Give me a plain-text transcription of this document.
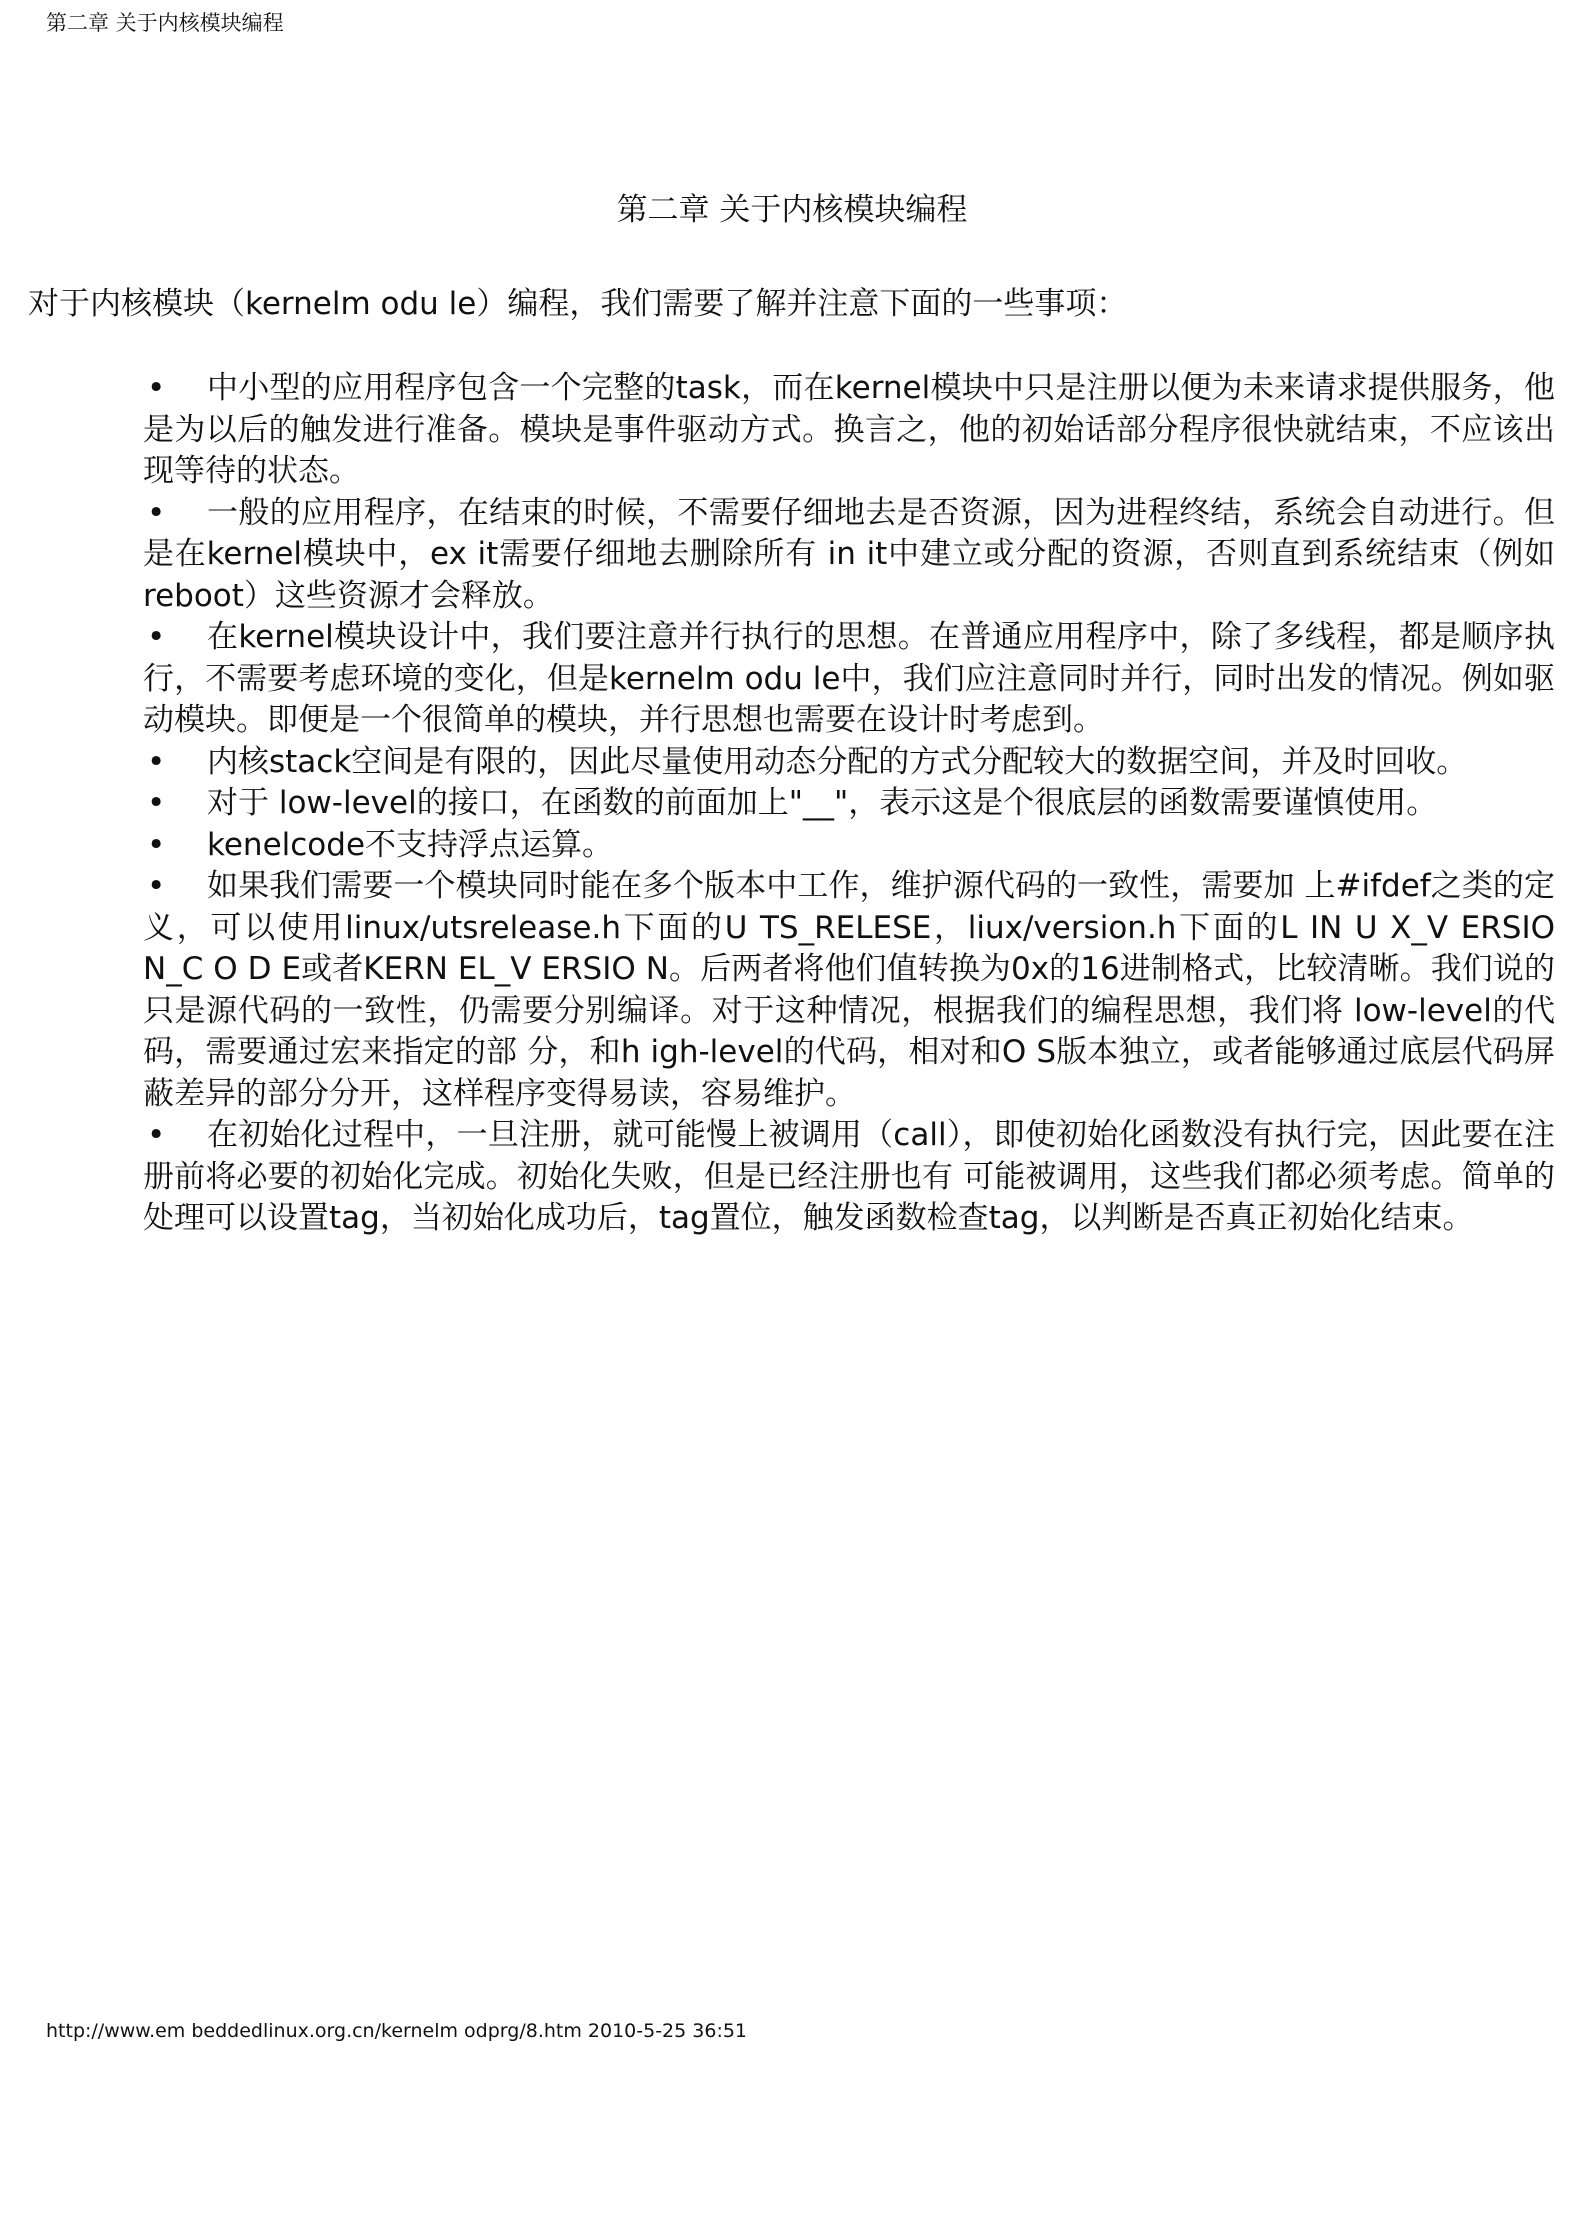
第二章 关于内核模块编程
第二章 关于内核模块编程
对于内核模块（kernelm odu le）编程，我们需要了解并注意下面的一些事项：
• 中小型的应用程序包含一个完整的task，而在kernel模块中只是注册以便为未来请求提供服务，他是为以后的触发进行准备。模块是事件驱动方式。换言之，他的初始话部分程序很快就结束，不应该出现等待的状态。
• 一般的应用程序，在结束的时候，不需要仔细地去是否资源，因为进程终结，系统会自动进行。但是在kernel模块中，ex it需要仔细地去删除所有 in it中建立或分配的资源，否则直到系统结束（例如reboot）这些资源才会释放。
• 在kernel模块设计中，我们要注意并行执行的思想。在普通应用程序中，除了多线程，都是顺序执行，不需要考虑环境的变化，但是kernelm odu le中，我们应注意同时并行，同时出发的情况。例如驱动模块。即便是一个很简单的模块，并行思想也需要在设计时考虑到。
• 内核stack空间是有限的，因此尽量使用动态分配的方式分配较大的数据空间，并及时回收。
• 对于 low-level的接口，在函数的前面加上"__"，表示这是个很底层的函数需要谨慎使用。
• kenelcode不支持浮点运算。
• 如果我们需要一个模块同时能在多个版本中工作，维护源代码的一致性，需要加 上#ifdef之类的定义，可以使用linux/utsrelease.h下面的U TS_RELESE，liux/version.h下面的L IN U X_V ERSIO N_C O D E或者KERN EL_V ERSIO N。后两者将他们值转换为0x的16进制格式，比较清晰。我们说的只是源代码的一致性，仍需要分别编译。对于这种情况，根据我们的编程思想，我们将 low-level的代码，需要通过宏来指定的部 分，和h igh-level的代码，相对和O S版本独立，或者能够通过底层代码屏蔽差异的部分分开，这样程序变得易读，容易维护。
• 在初始化过程中，一旦注册，就可能慢上被调用（call），即使初始化函数没有执行完，因此要在注册前将必要的初始化完成。初始化失败，但是已经注册也有 可能被调用，这些我们都必须考虑。简单的处理可以设置tag，当初始化成功后，tag置位，触发函数检查tag，以判断是否真正初始化结束。
http://www.em beddedlinux.org.cn/kernelm odprg/8.htm 2010-5-25 36:51
